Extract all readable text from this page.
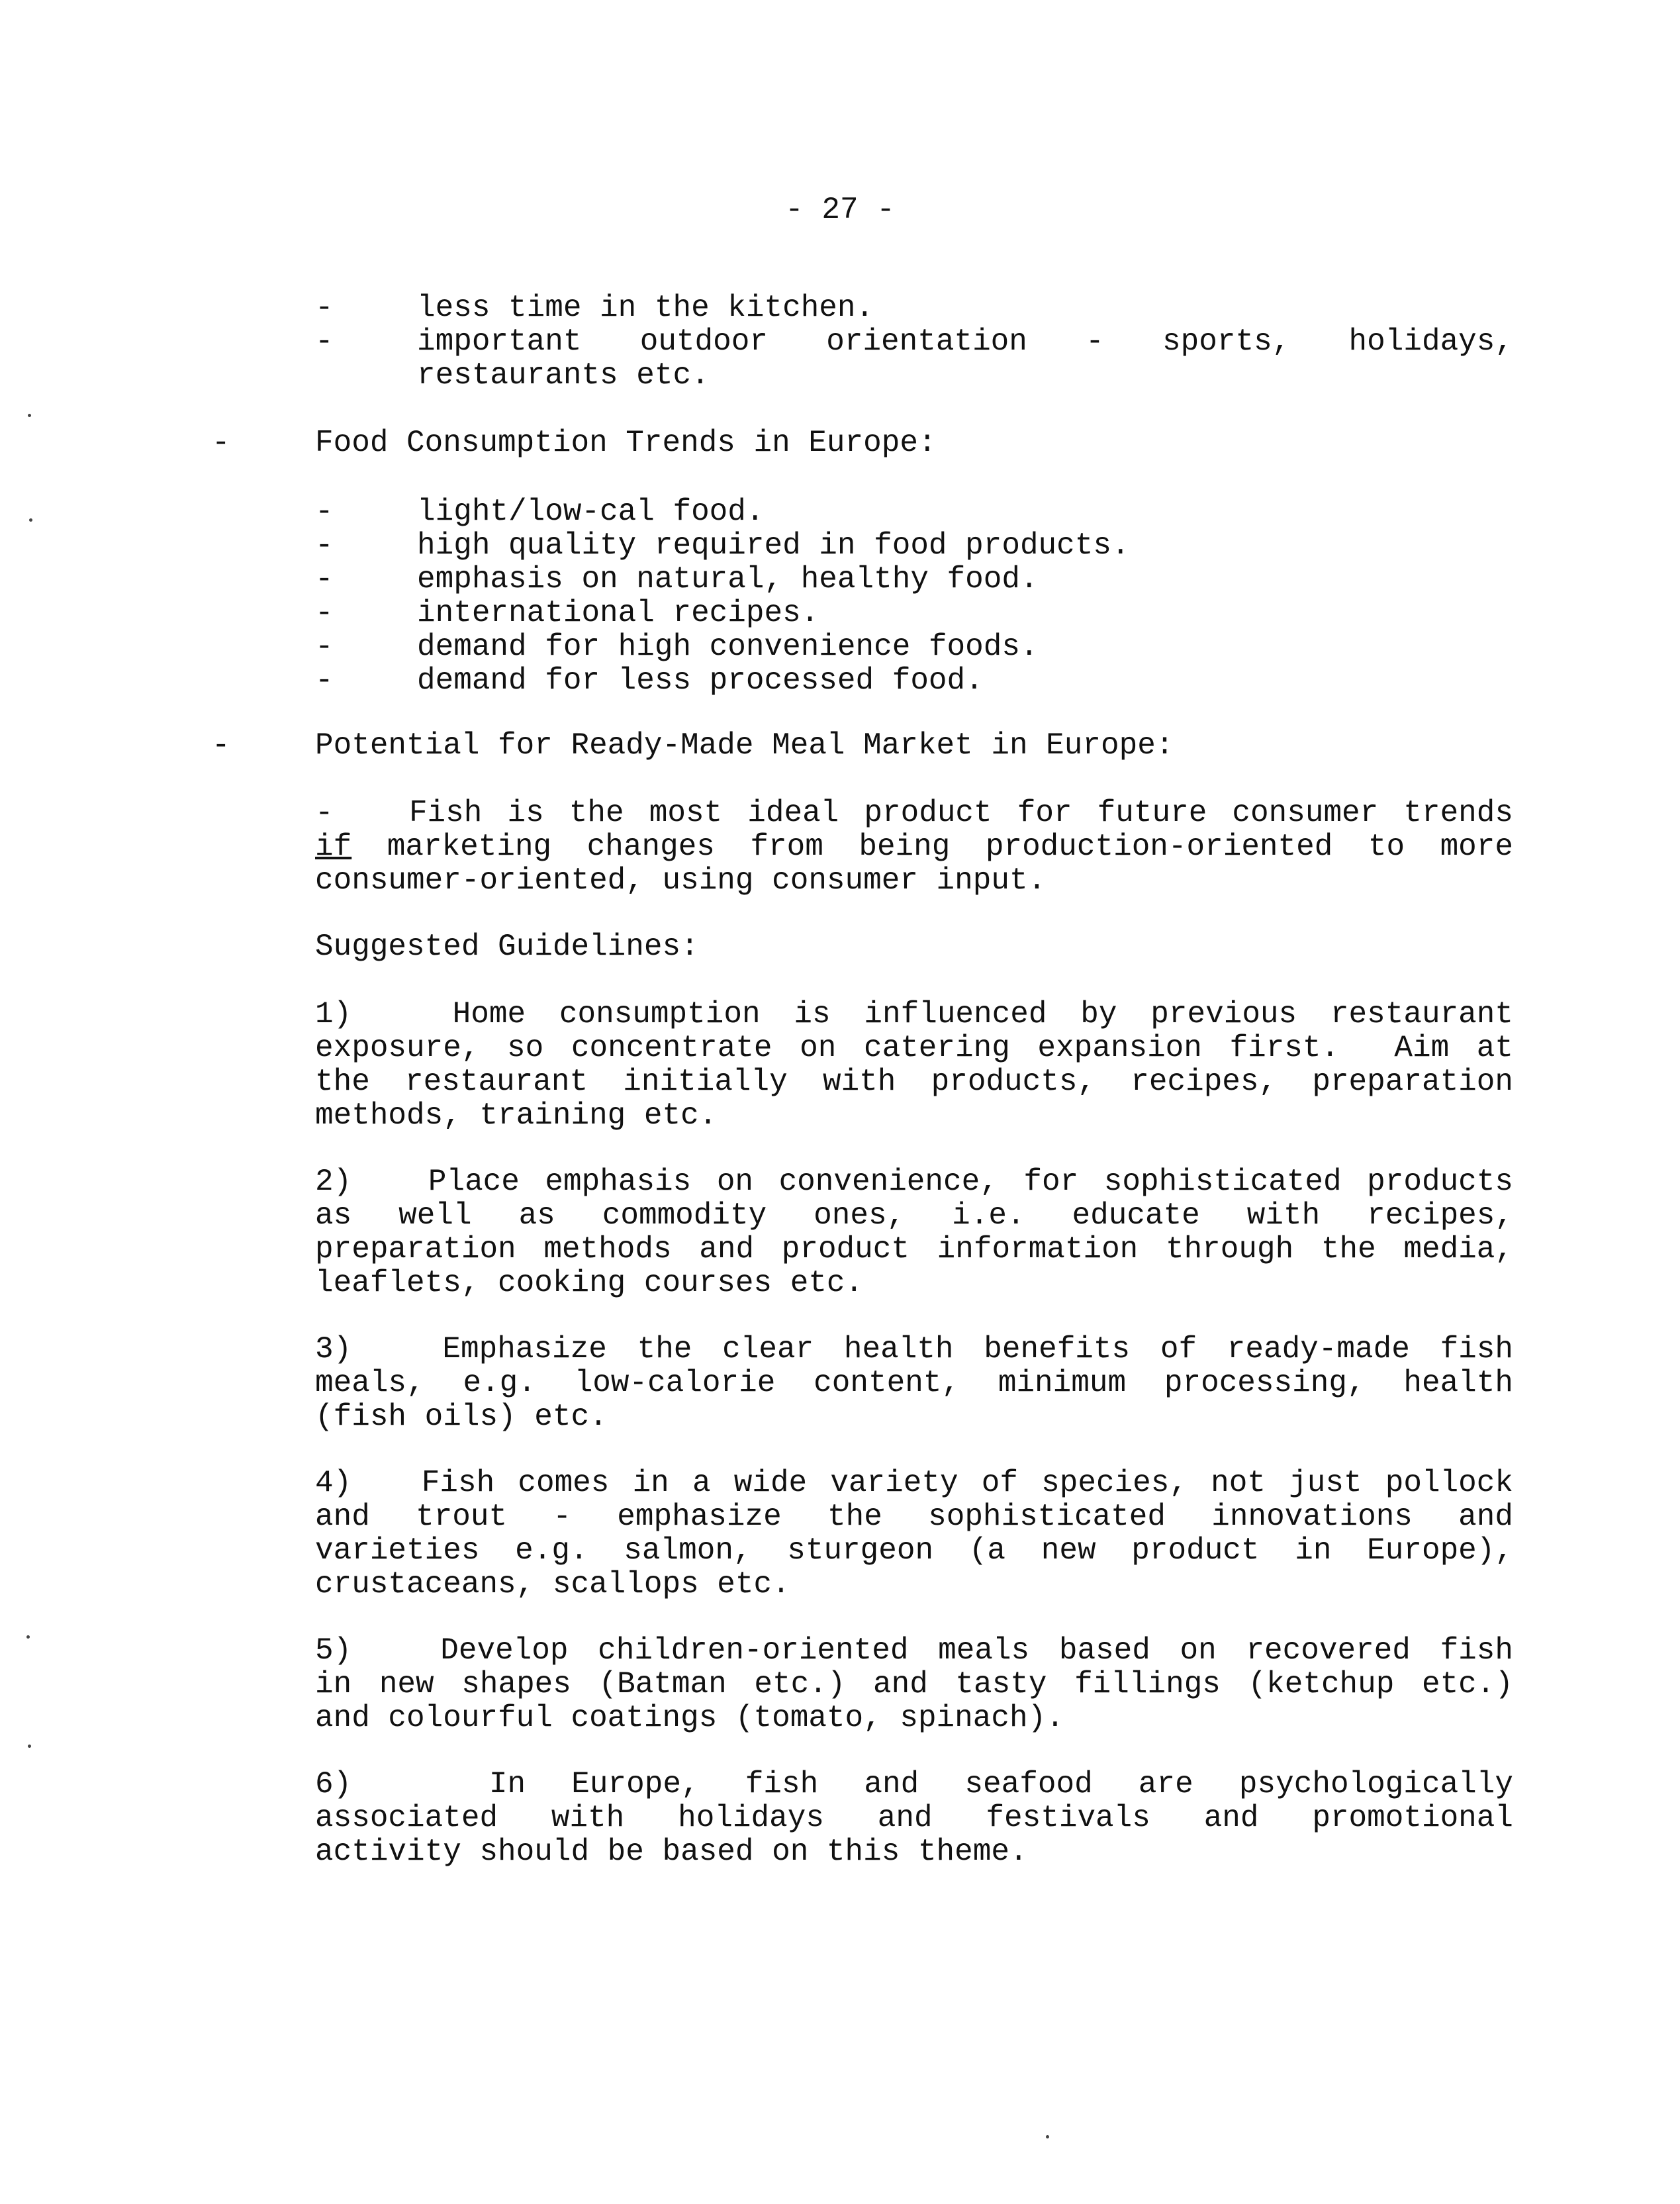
- 27 -
-	less time in the kitchen.
-	important outdoor orientation - sports, holidays,
restaurants etc.
-	Food Consumption Trends in Europe:
-	light/low-cal food.
-	high quality required in food products.
-	emphasis on natural, healthy food.
-	international recipes.
-	demand for high convenience foods.
-	demand for less processed food.
-	Potential for Ready-Made Meal Market in Europe:
-   Fish is the most ideal product for future consumer trends
if marketing changes from being production-oriented to more
consumer-oriented, using consumer input.
Suggested Guidelines:
1)   Home consumption is influenced by previous restaurant
exposure, so concentrate on catering expansion first.  Aim at
the restaurant initially with products, recipes, preparation
methods, training etc.
2)   Place emphasis on convenience, for sophisticated products
as well as commodity ones, i.e. educate with recipes,
preparation methods and product information through the media,
leaflets, cooking courses etc.
3)   Emphasize the clear health benefits of ready-made fish
meals, e.g. low-calorie content, minimum processing, health
(fish oils) etc.
4)   Fish comes in a wide variety of species, not just pollock
and trout - emphasize the sophisticated innovations and
varieties e.g. salmon, sturgeon (a new product in Europe),
crustaceans, scallops etc.
5)   Develop children-oriented meals based on recovered fish
in new shapes (Batman etc.) and tasty fillings (ketchup etc.)
and colourful coatings (tomato, spinach).
6)   In Europe, fish and seafood are psychologically
associated with holidays and festivals and promotional
activity should be based on this theme.
